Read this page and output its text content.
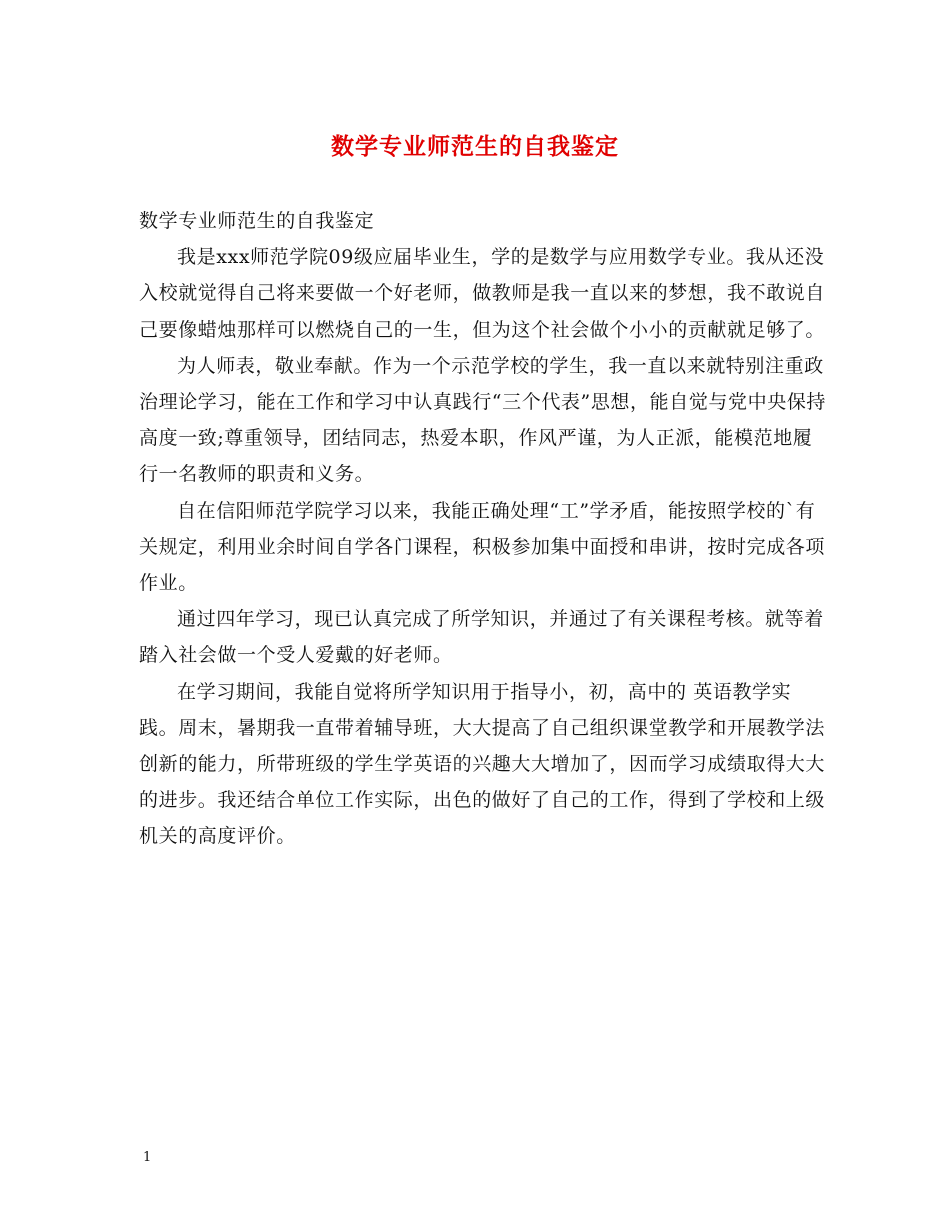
数学专业师范生的自我鉴定

数学专业师范生的自我鉴定

我是xxx师范学院09级应届毕业生，学的是数学与应用数学专业。我从还没入校就觉得自己将来要做一个好老师，做教师是我一直以来的梦想，我不敢说自己要像蜡烛那样可以燃烧自己的一生，但为这个社会做个小小的贡献就足够了。

为人师表，敬业奉献。作为一个示范学校的学生，我一直以来就特别注重政治理论学习，能在工作和学习中认真践行“三个代表”思想，能自觉与党中央保持高度一致;尊重领导，团结同志，热爱本职，作风严谨，为人正派，能模范地履行一名教师的职责和义务。

自在信阳师范学院学习以来，我能正确处理“工”学矛盾，能按照学校的`有关规定，利用业余时间自学各门课程，积极参加集中面授和串讲，按时完成各项作业。

通过四年学习，现已认真完成了所学知识，并通过了有关课程考核。就等着踏入社会做一个受人爱戴的好老师。

在学习期间，我能自觉将所学知识用于指导小，初，高中的 英语教学实践。周末，暑期我一直带着辅导班，大大提高了自己组织课堂教学和开展教学法创新的能力，所带班级的学生学英语的兴趣大大增加了，因而学习成绩取得大大的进步。我还结合单位工作实际，出色的做好了自己的工作，得到了学校和上级机关的高度评价。

1
